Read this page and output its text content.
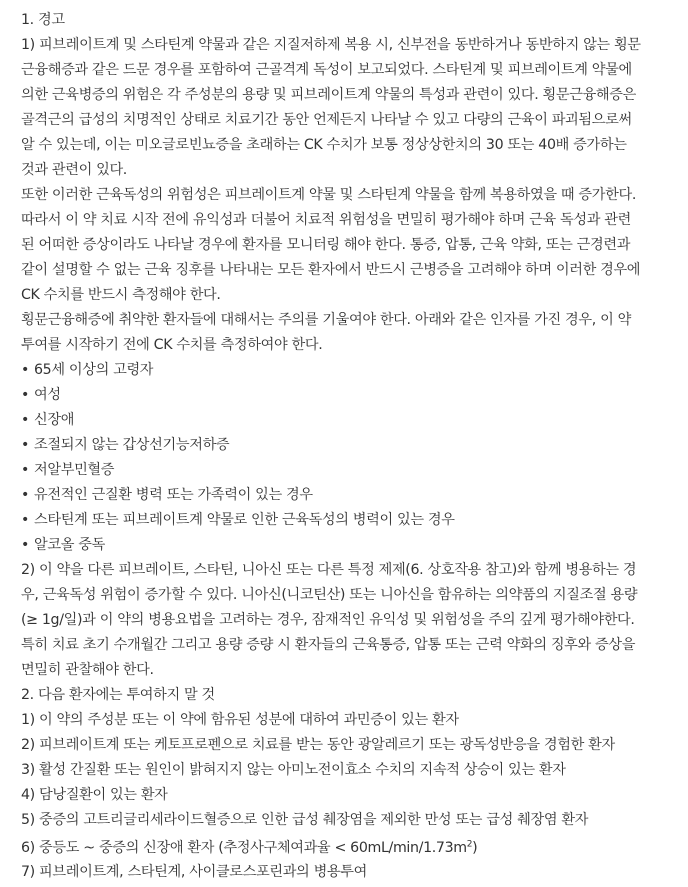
1. 경고
1) 피브레이트계 및 스타틴계 약물과 같은 지질저하제 복용 시, 신부전을 동반하거나 동반하지 않는 횡문
근융해증과 같은 드문 경우를 포함하여 근골격계 독성이 보고되었다. 스타틴계 및 피브레이트계 약물에
의한 근육병증의 위험은 각 주성분의 용량 및 피브레이트계 약물의 특성과 관련이 있다. 횡문근융해증은
골격근의 급성의 치명적인 상태로 치료기간 동안 언제든지 나타날 수 있고 다량의 근육이 파괴됨으로써
알 수 있는데, 이는 미오글로빈뇨증을 초래하는 CK 수치가 보통 정상상한치의 30 또는 40배 증가하는
것과 관련이 있다.
또한 이러한 근육독성의 위험성은 피브레이트계 약물 및 스타틴계 약물을 함께 복용하였을 때 증가한다.
따라서 이 약 치료 시작 전에 유익성과 더불어 치료적 위험성을 면밀히 평가해야 하며 근육 독성과 관련
된 어떠한 증상이라도 나타날 경우에 환자를 모니터링 해야 한다. 통증, 압통, 근육 약화, 또는 근경련과
같이 설명할 수 없는 근육 징후를 나타내는 모든 환자에서 반드시 근병증을 고려해야 하며 이러한 경우에
CK 수치를 반드시 측정해야 한다.
횡문근융해증에 취약한 환자들에 대해서는 주의를 기울여야 한다. 아래와 같은 인자를 가진 경우, 이 약
투여를 시작하기 전에 CK 수치를 측정하여야 한다.
• 65세 이상의 고령자
• 여성
• 신장애
• 조절되지 않는 갑상선기능저하증
• 저알부민혈증
• 유전적인 근질환 병력 또는 가족력이 있는 경우
• 스타틴계 또는 피브레이트계 약물로 인한 근육독성의 병력이 있는 경우
• 알코올 중독
2) 이 약을 다른 피브레이트, 스타틴, 니아신 또는 다른 특정 제제(6. 상호작용 참고)와 함께 병용하는 경
우, 근육독성 위험이 증가할 수 있다. 니아신(니코틴산) 또는 니아신을 함유하는 의약품의 지질조절 용량
(≥ 1g/일)과 이 약의 병용요법을 고려하는 경우, 잠재적인 유익성 및 위험성을 주의 깊게 평가해야한다.
특히 치료 초기 수개월간 그리고 용량 증량 시 환자들의 근육통증, 압통 또는 근력 약화의 징후와 증상을
면밀히 관찰해야 한다.
2. 다음 환자에는 투여하지 말 것
1) 이 약의 주성분 또는 이 약에 함유된 성분에 대하여 과민증이 있는 환자
2) 피브레이트계 또는 케토프로펜으로 치료를 받는 동안 광알레르기 또는 광독성반응을 경험한 환자
3) 활성 간질환 또는 원인이 밝혀지지 않는 아미노전이효소 수치의 지속적 상승이 있는 환자
4) 담낭질환이 있는 환자
5) 중증의 고트리글리세라이드혈증으로 인한 급성 췌장염을 제외한 만성 또는 급성 췌장염 환자
6) 중등도 ~ 중증의 신장애 환자 (추정사구체여과율 < $60mL/\min/1.73m^2$)
7) 피브레이트계, 스타틴계, 사이클로스포린과의 병용투여
